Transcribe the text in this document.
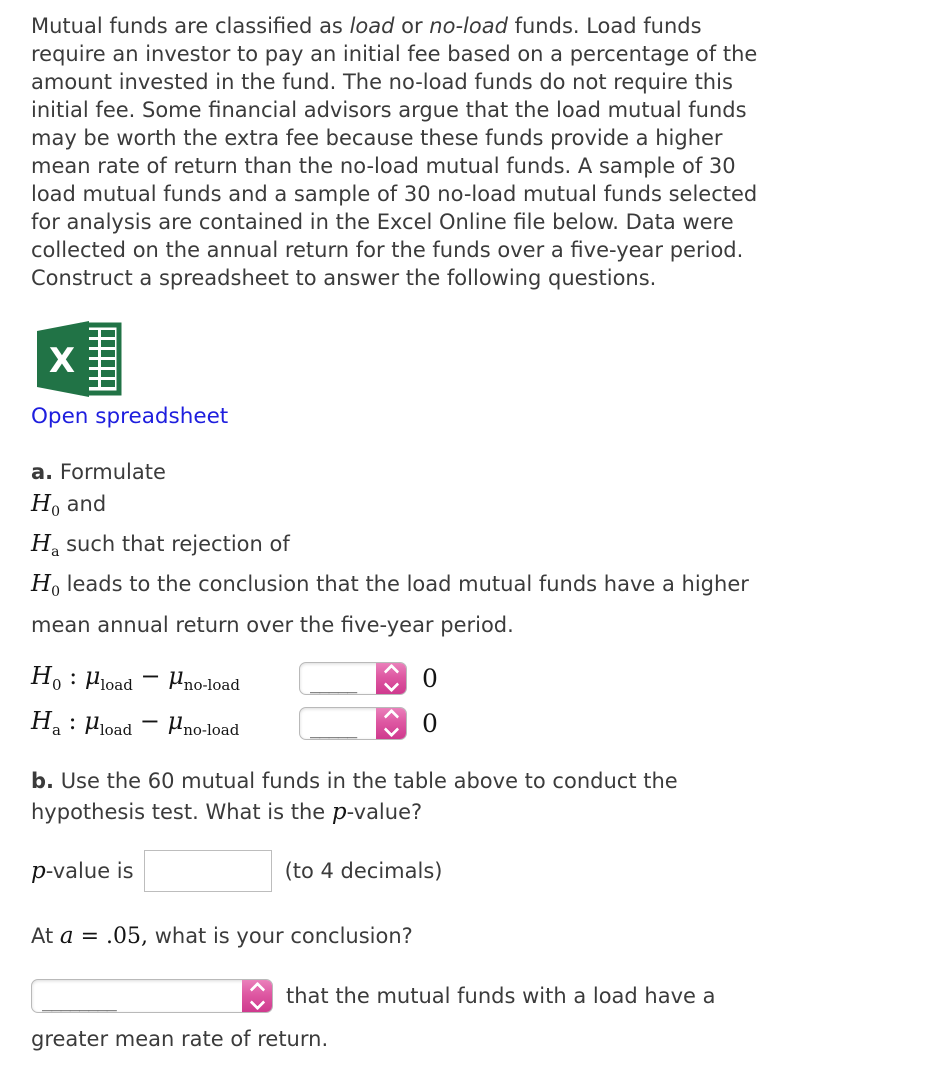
Mutual funds are classified as load or no-load funds. Load funds
require an investor to pay an initial fee based on a percentage of the
amount invested in the fund. The no-load funds do not require this
initial fee. Some financial advisors argue that the load mutual funds
may be worth the extra fee because these funds provide a higher
mean rate of return than the no-load mutual funds. A sample of 30
load mutual funds and a sample of 30 no-load mutual funds selected
for analysis are contained in the Excel Online file below. Data were
collected on the annual return for the funds over a five-year period.
Construct a spreadsheet to answer the following questions.
X
Open spreadsheet
a. Formulate
$H_0$ and
$H_a$ such that rejection of
$H_0$ leads to the conclusion that the load mutual funds have a higher
mean annual return over the five-year period.
$H_0$ : $\mu_{load} - \mu_{no-load}$	_____	0
$H_a$ : $\mu_{load} - \mu_{no-load}$	_____	0
b. Use the 60 mutual funds in the table above to conduct the
hypothesis test. What is the p-value?
p -value is	(to 4 decimals)
At a = .05, what is your conclusion?
________	that the mutual funds with a load have a
greater mean rate of return.
